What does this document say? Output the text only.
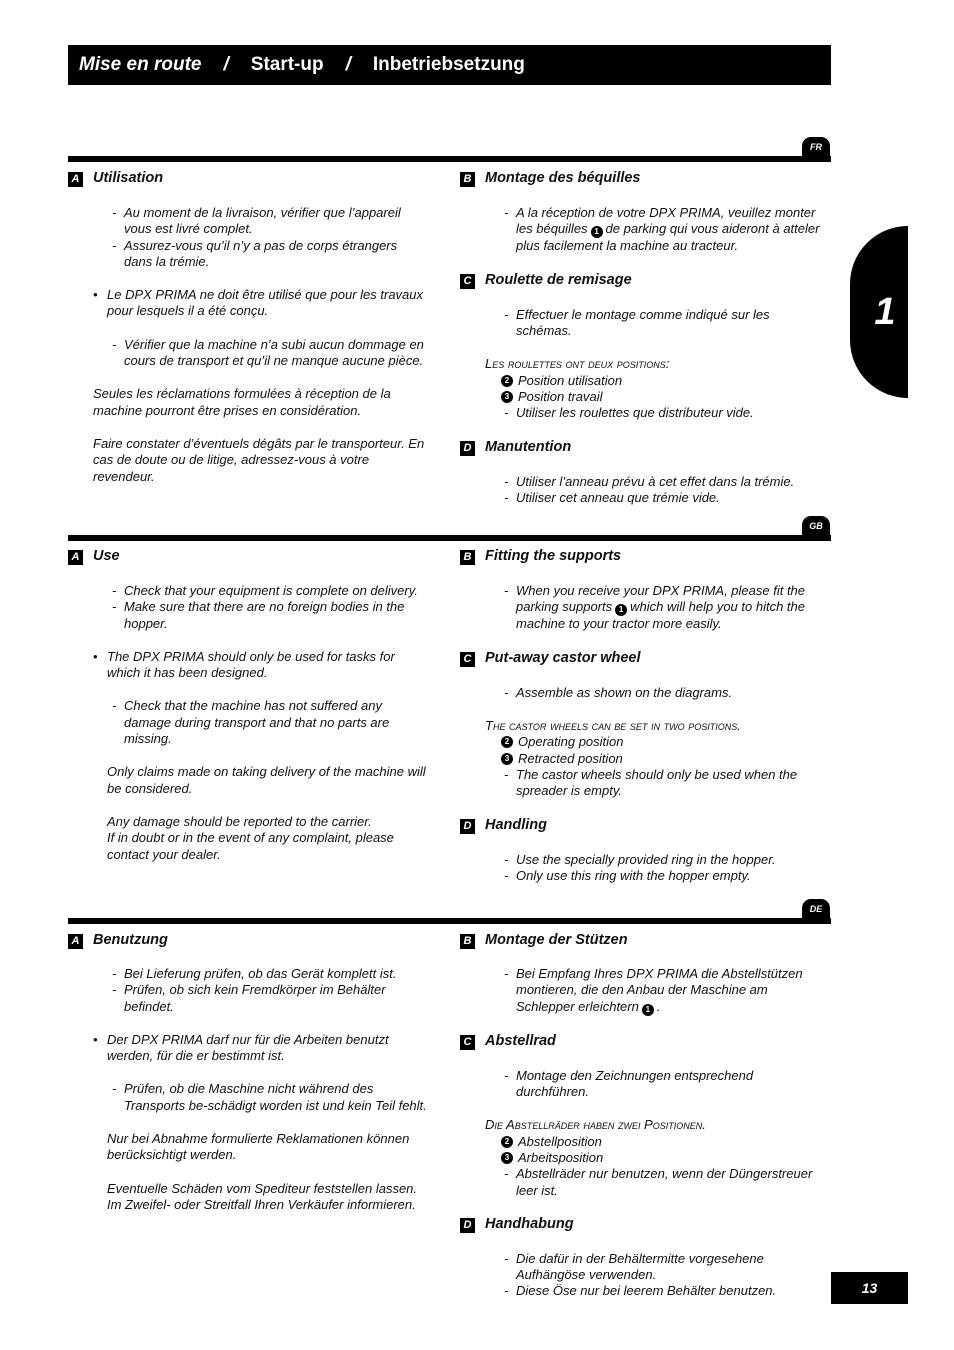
Mise en route / Start-up / Inbetriebsetzung
1
FR
A Utilisation
- Au moment de la livraison, vérifier que l’appareil vous est livré complet.
- Assurez-vous qu’il n’y a pas de corps étrangers dans la trémie.
• Le DPX PRIMA ne doit être utilisé que pour les travaux pour lesquels il a été conçu.
- Vérifier que la machine n’a subi aucun dommage en cours de transport et qu’il ne manque aucune pièce.
Seules les réclamations formulées à réception de la machine pourront être prises en considération.
Faire constater d’éventuels dégâts par le transporteur. En cas de doute ou de litige, adressez-vous à votre revendeur.
B Montage des béquilles
- A la réception de votre DPX PRIMA, veuillez monter les béquilles 1 de parking qui vous aideront à atteler plus facilement la machine au tracteur.
C Roulette de remisage
- Effectuer le montage comme indiqué sur les schémas.
Les roulettes ont deux positions:
2 Position utilisation
3 Position travail
- Utiliser les roulettes que distributeur vide.
D Manutention
- Utiliser l’anneau prévu à cet effet dans la trémie.
- Utiliser cet anneau que trémie vide.
GB
A Use
- Check that your equipment is complete on delivery.
- Make sure that there are no foreign bodies in the hopper.
• The DPX PRIMA should only be used for tasks for which it has been designed.
- Check that the machine has not suffered any damage during transport and that no parts are missing.
Only claims made on taking delivery of the machine will be considered.
Any damage should be reported to the carrier.
If in doubt or in the event of any complaint, please contact your dealer.
B Fitting the supports
- When you receive your DPX PRIMA, please fit the parking supports 1 which will help you to hitch the machine to your tractor more easily.
C Put-away castor wheel
- Assemble as shown on the diagrams.
The castor wheels can be set in two positions.
2 Operating position
3 Retracted position
- The castor wheels should only be used when the spreader is empty.
D Handling
- Use the specially provided ring in the hopper.
- Only use this ring with the hopper empty.
DE
A Benutzung
- Bei Lieferung prüfen, ob das Gerät komplett ist.
- Prüfen, ob sich kein Fremdkörper im Behälter befindet.
• Der DPX PRIMA darf nur für die Arbeiten benutzt werden, für die er bestimmt ist.
- Prüfen, ob die Maschine nicht während des Transports be-schädigt worden ist und kein Teil fehlt.
Nur bei Abnahme formulierte Reklamationen können berücksichtigt werden.
Eventuelle Schäden vom Spediteur feststellen lassen.
Im Zweifel- oder Streitfall Ihren Verkäufer informieren.
B Montage der Stützen
- Bei Empfang Ihres DPX PRIMA die Abstellstützen montieren, die den Anbau der Maschine am Schlepper erleichtern 1 .
C Abstellrad
- Montage den Zeichnungen entsprechend durchführen.
Die Abstellräder haben zwei Positionen.
2 Abstellposition
3 Arbeitsposition
- Abstellräder nur benutzen, wenn der Düngerstreuer leer ist.
D Handhabung
- Die dafür in der Behältermitte vorgesehene Aufhängöse verwenden.
- Diese Öse nur bei leerem Behälter benutzen.	13
